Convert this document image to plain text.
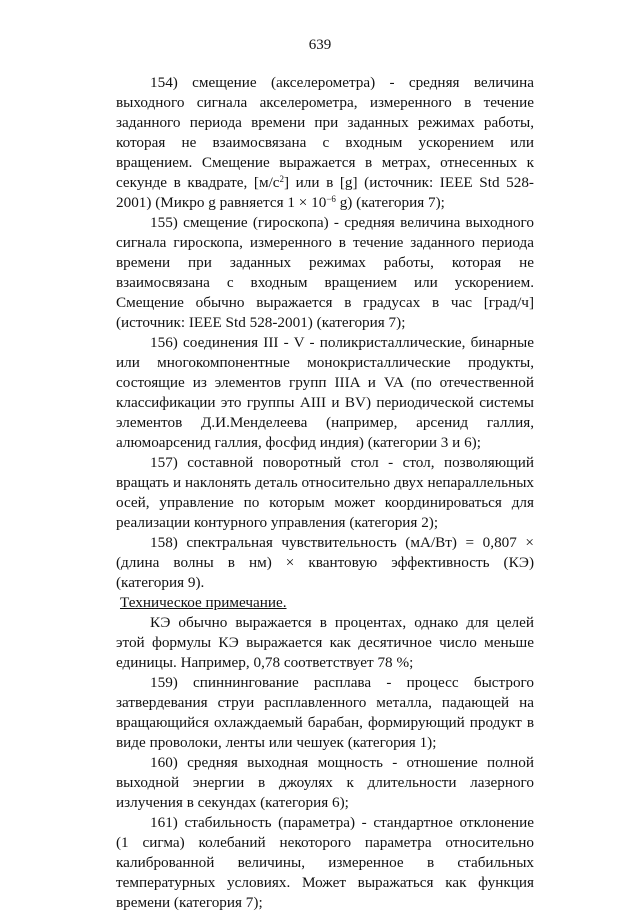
639

154) смещение (акселерометра) - средняя величина выходного сигнала акселерометра, измеренного в течение заданного периода времени при заданных режимах работы, которая не взаимосвязана с входным ускорением или вращением. Смещение выражается в метрах, отнесенных к секунде в квадрате, $[м/с^2]$ или в [g] (источник: IEEE Std 528-2001) (Микро g равняется $1 \times 10^{-6}$ g) (категория 7);

155) смещение (гироскопа) - средняя величина выходного сигнала гироскопа, измеренного в течение заданного периода времени при заданных режимах работы, которая не взаимосвязана с входным вращением или ускорением. Смещение обычно выражается в градусах в час [град/ч] (источник: IEEE Std 528-2001) (категория 7);

156) соединения III - V - поликристаллические, бинарные или многокомпонентные монокристаллические продукты, состоящие из элементов групп IIIA и VA (по отечественной классификации это группы AIII и BV) периодической системы элементов Д.И.Менделеева (например, арсенид галлия, алюмоарсенид галлия, фосфид индия) (категории 3 и 6);

157) составной поворотный стол - стол, позволяющий вращать и наклонять деталь относительно двух непараллельных осей, управление по которым может координироваться для реализации контурного управления (категория 2);

158) спектральная чувствительность (мА/Вт) = 0,807 × (длина волны в нм) × квантовую эффективность (КЭ) (категория 9).

Техническое примечание.

КЭ обычно выражается в процентах, однако для целей этой формулы КЭ выражается как десятичное число меньше единицы. Например, 0,78 соответствует 78 %;

159) спиннингование расплава - процесс быстрого затвердевания струи расплавленного металла, падающей на вращающийся охлаждаемый барабан, формирующий продукт в виде проволоки, ленты или чешуек (категория 1);

160) средняя выходная мощность - отношение полной выходной энергии в джоулях к длительности лазерного излучения в секундах (категория 6);

161) стабильность (параметра) - стандартное отклонение (1 сигма) колебаний некоторого параметра относительно калиброванной величины, измеренное в стабильных температурных условиях. Может выражаться как функция времени (категория 7);
